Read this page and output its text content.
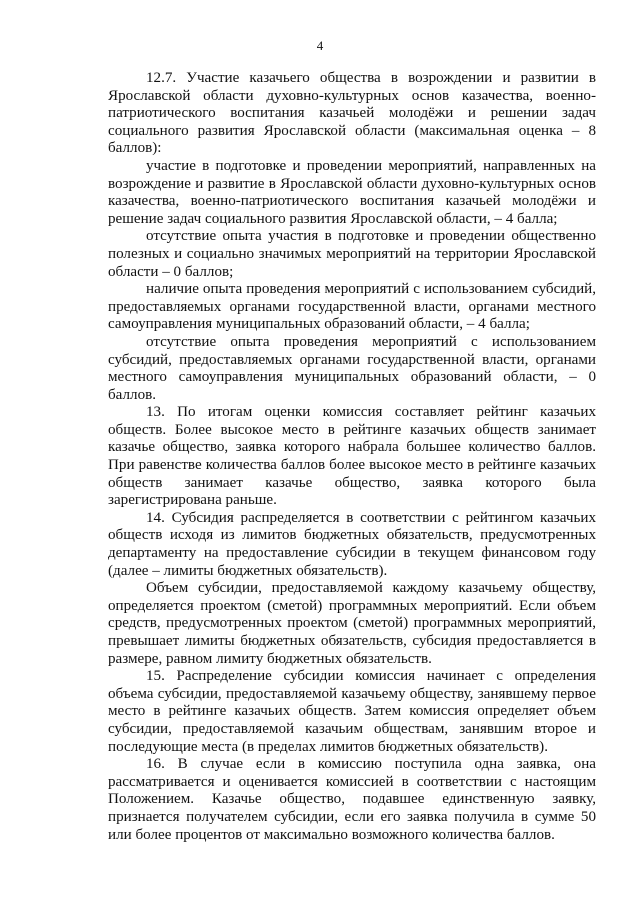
4

12.7. Участие казачьего общества в возрождении и развитии в Ярославской области духовно-культурных основ казачества, военно-патриотического воспитания казачьей молодёжи и решении задач социального развития Ярославской области (максимальная оценка – 8 баллов):

участие в подготовке и проведении мероприятий, направленных на возрождение и развитие в Ярославской области духовно-культурных основ казачества, военно-патриотического воспитания казачьей молодёжи и решение задач социального развития Ярославской области, – 4 балла;

отсутствие опыта участия в подготовке и проведении общественно полезных и социально значимых мероприятий на территории Ярославской области – 0 баллов;

наличие опыта проведения мероприятий с использованием субсидий, предоставляемых органами государственной власти, органами местного самоуправления муниципальных образований области, – 4 балла;

отсутствие опыта проведения мероприятий с использованием субсидий, предоставляемых органами государственной власти, органами местного самоуправления муниципальных образований области, – 0 баллов.

13. По итогам оценки комиссия составляет рейтинг казачьих обществ. Более высокое место в рейтинге казачьих обществ занимает казачье общество, заявка которого набрала большее количество баллов. При равенстве количества баллов более высокое место в рейтинге казачьих обществ занимает казачье общество, заявка которого была зарегистрирована раньше.

14. Субсидия распределяется в соответствии с рейтингом казачьих обществ исходя из лимитов бюджетных обязательств, предусмотренных департаменту на предоставление субсидии в текущем финансовом году (далее – лимиты бюджетных обязательств).

Объем субсидии, предоставляемой каждому казачьему обществу, определяется проектом (сметой) программных мероприятий. Если объем средств, предусмотренных проектом (сметой) программных мероприятий, превышает лимиты бюджетных обязательств, субсидия предоставляется в размере, равном лимиту бюджетных обязательств.

15. Распределение субсидии комиссия начинает с определения объема субсидии, предоставляемой казачьему обществу, занявшему первое место в рейтинге казачьих обществ. Затем комиссия определяет объем субсидии, предоставляемой казачьим обществам, занявшим второе и последующие места (в пределах лимитов бюджетных обязательств).

16. В случае если в комиссию поступила одна заявка, она рассматривается и оценивается комиссией в соответствии с настоящим Положением. Казачье общество, подавшее единственную заявку, признается получателем субсидии, если его заявка получила в сумме 50 или более процентов от максимально возможного количества баллов.
